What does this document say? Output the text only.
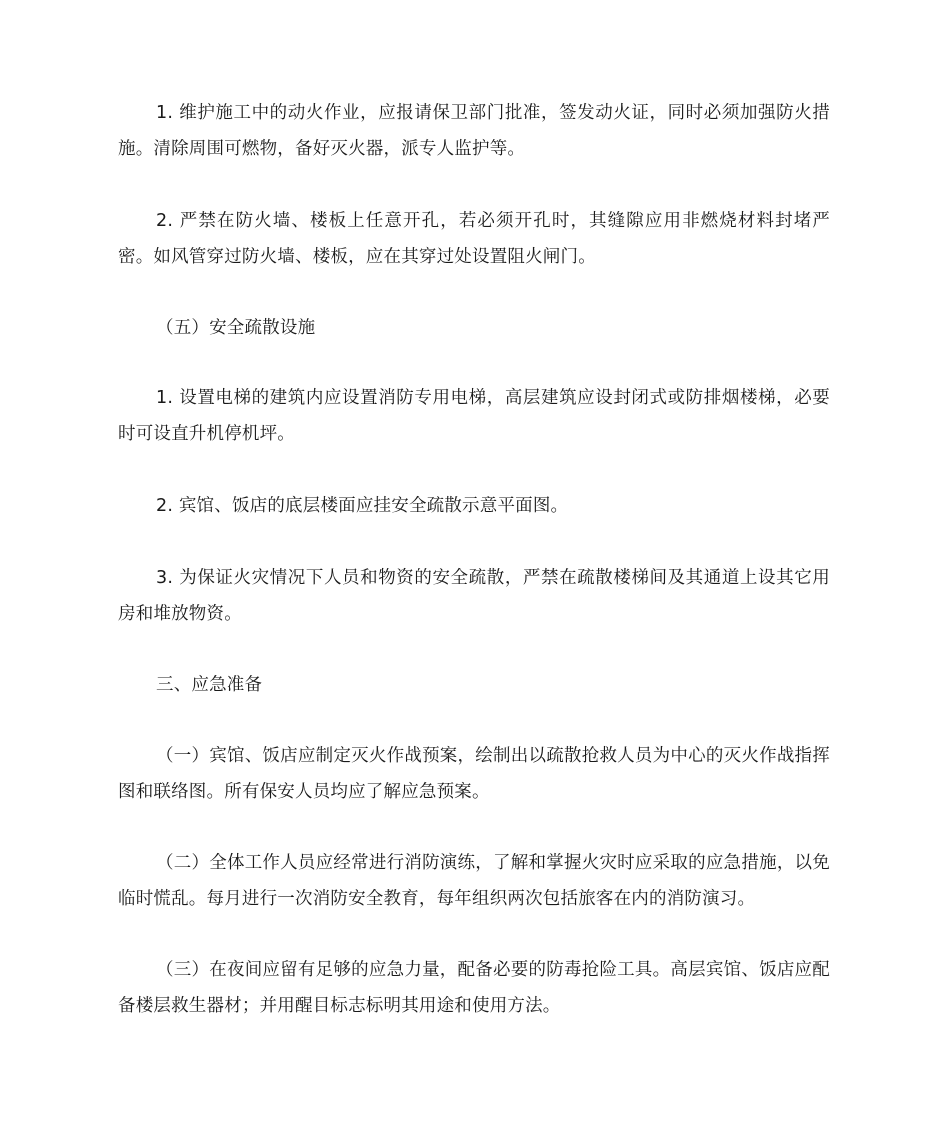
1. 维护施工中的动火作业，应报请保卫部门批准，签发动火证，同时必须加强防火措施。清除周围可燃物，备好灭火器，派专人监护等。

2. 严禁在防火墙、楼板上任意开孔，若必须开孔时，其缝隙应用非燃烧材料封堵严密。如风管穿过防火墙、楼板，应在其穿过处设置阻火闸门。

（五）安全疏散设施

1. 设置电梯的建筑内应设置消防专用电梯，高层建筑应设封闭式或防排烟楼梯，必要时可设直升机停机坪。

2. 宾馆、饭店的底层楼面应挂安全疏散示意平面图。

3. 为保证火灾情况下人员和物资的安全疏散，严禁在疏散楼梯间及其通道上设其它用房和堆放物资。

三、应急准备

（一）宾馆、饭店应制定灭火作战预案，绘制出以疏散抢救人员为中心的灭火作战指挥图和联络图。所有保安人员均应了解应急预案。

（二）全体工作人员应经常进行消防演练，了解和掌握火灾时应采取的应急措施，以免临时慌乱。每月进行一次消防安全教育，每年组织两次包括旅客在内的消防演习。

（三）在夜间应留有足够的应急力量，配备必要的防毒抢险工具。高层宾馆、饭店应配备楼层救生器材；并用醒目标志标明其用途和使用方法。
